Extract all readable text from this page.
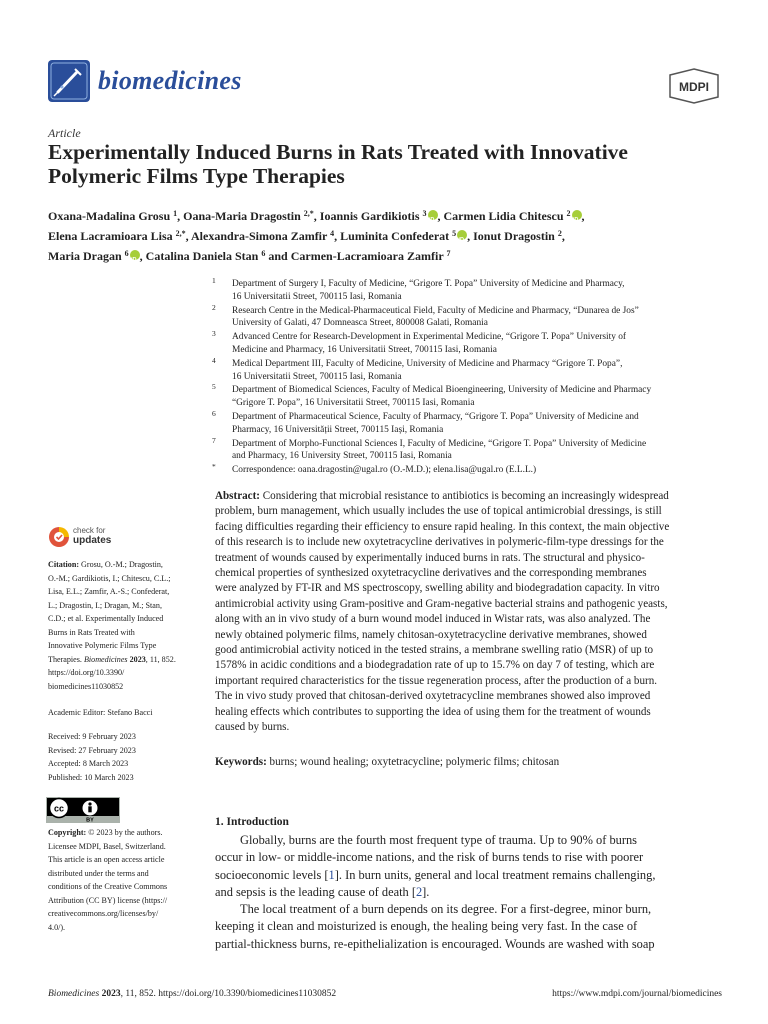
biomedicines	MDPI
Article
Experimentally Induced Burns in Rats Treated with Innovative
Polymeric Films Type Therapies
Oxana-Madalina Grosu $^1$, Oana-Maria Dragostin $^{2,*}$, Ioannis Gardikiotis $^3$ iD , Carmen Lidia Chitescu $^2$ iD ,
Elena Lacramioara Lisa $^{2,*}$, Alexandra-Simona Zamfir $^4$, Luminita Confederat $^5$ iD , Ionut Dragostin $^2$,
Maria Dragan $^6$ iD , Catalina Daniela Stan $^6$ and Carmen-Lacramioara Zamfir $^7$
1 Department of Surgery I, Faculty of Medicine, “Grigore T. Popa” University of Medicine and Pharmacy,
16 Universitatii Street, 700115 Iasi, Romania
2 Research Centre in the Medical-Pharmaceutical Field, Faculty of Medicine and Pharmacy, “Dunarea de Jos”
University of Galati, 47 Domneasca Street, 800008 Galati, Romania
3 Advanced Centre for Research-Development in Experimental Medicine, “Grigore T. Popa” University of
Medicine and Pharmacy, 16 Universitatii Street, 700115 Iasi, Romania
4 Medical Department III, Faculty of Medicine, University of Medicine and Pharmacy “Grigore T. Popa”,
16 Universitatii Street, 700115 Iasi, Romania
5 Department of Biomedical Sciences, Faculty of Medical Bioengineering, University of Medicine and Pharmacy
“Grigore T. Popa”, 16 Universitatii Street, 700115 Iasi, Romania
6 Department of Pharmaceutical Science, Faculty of Pharmacy, “Grigore T. Popa” University of Medicine and
Pharmacy, 16 Universității Street, 700115 Iași, Romania
7 Department of Morpho-Functional Sciences I, Faculty of Medicine, “Grigore T. Popa” University of Medicine
and Pharmacy, 16 University Street, 700115 Iasi, Romania
* Correspondence: oana.dragostin@ugal.ro (O.-M.D.); elena.lisa@ugal.ro (E.L.L.)
Abstract: Considering that microbial resistance to antibiotics is becoming an increasingly widespread
problem, burn management, which usually includes the use of topical antimicrobial dressings, is still
facing difficulties regarding their efficiency to ensure rapid healing. In this context, the main objective
of this research is to include new oxytetracycline derivatives in polymeric-film-type dressings for the
treatment of wounds caused by experimentally induced burns in rats. The structural and physico-
chemical properties of synthesized oxytetracycline derivatives and the corresponding membranes
were analyzed by FT-IR and MS spectroscopy, swelling ability and biodegradation capacity. In vitro
antimicrobial activity using Gram-positive and Gram-negative bacterial strains and pathogenic yeasts,
along with an in vivo study of a burn wound model induced in Wistar rats, was also analyzed. The
newly obtained polymeric films, namely chitosan-oxytetracycline derivative membranes, showed
good antimicrobial activity noticed in the tested strains, a membrane swelling ratio (MSR) of up to
1578% in acidic conditions and a biodegradation rate of up to 15.7% on day 7 of testing, which are
important required characteristics for the tissue regeneration process, after the production of a burn.
The in vivo study proved that chitosan-derived oxytetracycline membranes showed also improved
healing effects which contributes to supporting the idea of using them for the treatment of wounds
caused by burns.
Keywords: burns; wound healing; oxytetracycline; polymeric films; chitosan
check for
updates
Citation: Grosu, O.-M.; Dragostin,
O.-M.; Gardikiotis, I.; Chitescu, C.L.;
Lisa, E.L.; Zamfir, A.-S.; Confederat,
L.; Dragostin, I.; Dragan, M.; Stan,
C.D.; et al. Experimentally Induced
Burns in Rats Treated with
Innovative Polymeric Films Type
Therapies. Biomedicines 2023, 11, 852.
https://doi.org/10.3390/
biomedicines11030852
Academic Editor: Stefano Bacci
Received: 9 February 2023
Revised: 27 February 2023
Accepted: 8 March 2023
Published: 10 March 2023
cc
BY
Copyright: © 2023 by the authors.
Licensee MDPI, Basel, Switzerland.
This article is an open access article
distributed under the terms and
conditions of the Creative Commons
Attribution (CC BY) license (https://
creativecommons.org/licenses/by/
4.0/).
1. Introduction
Globally, burns are the fourth most frequent type of trauma. Up to 90% of burns
occur in low- or middle-income nations, and the risk of burns tends to rise with poorer
socioeconomic levels [1]. In burn units, general and local treatment remains challenging,
and sepsis is the leading cause of death [2].
The local treatment of a burn depends on its degree. For a first-degree, minor burn,
keeping it clean and moisturized is enough, the healing being very fast. In the case of
partial-thickness burns, re-epithelialization is encouraged. Wounds are washed with soap
Biomedicines 2023, 11, 852. https://doi.org/10.3390/biomedicines11030852	https://www.mdpi.com/journal/biomedicines
